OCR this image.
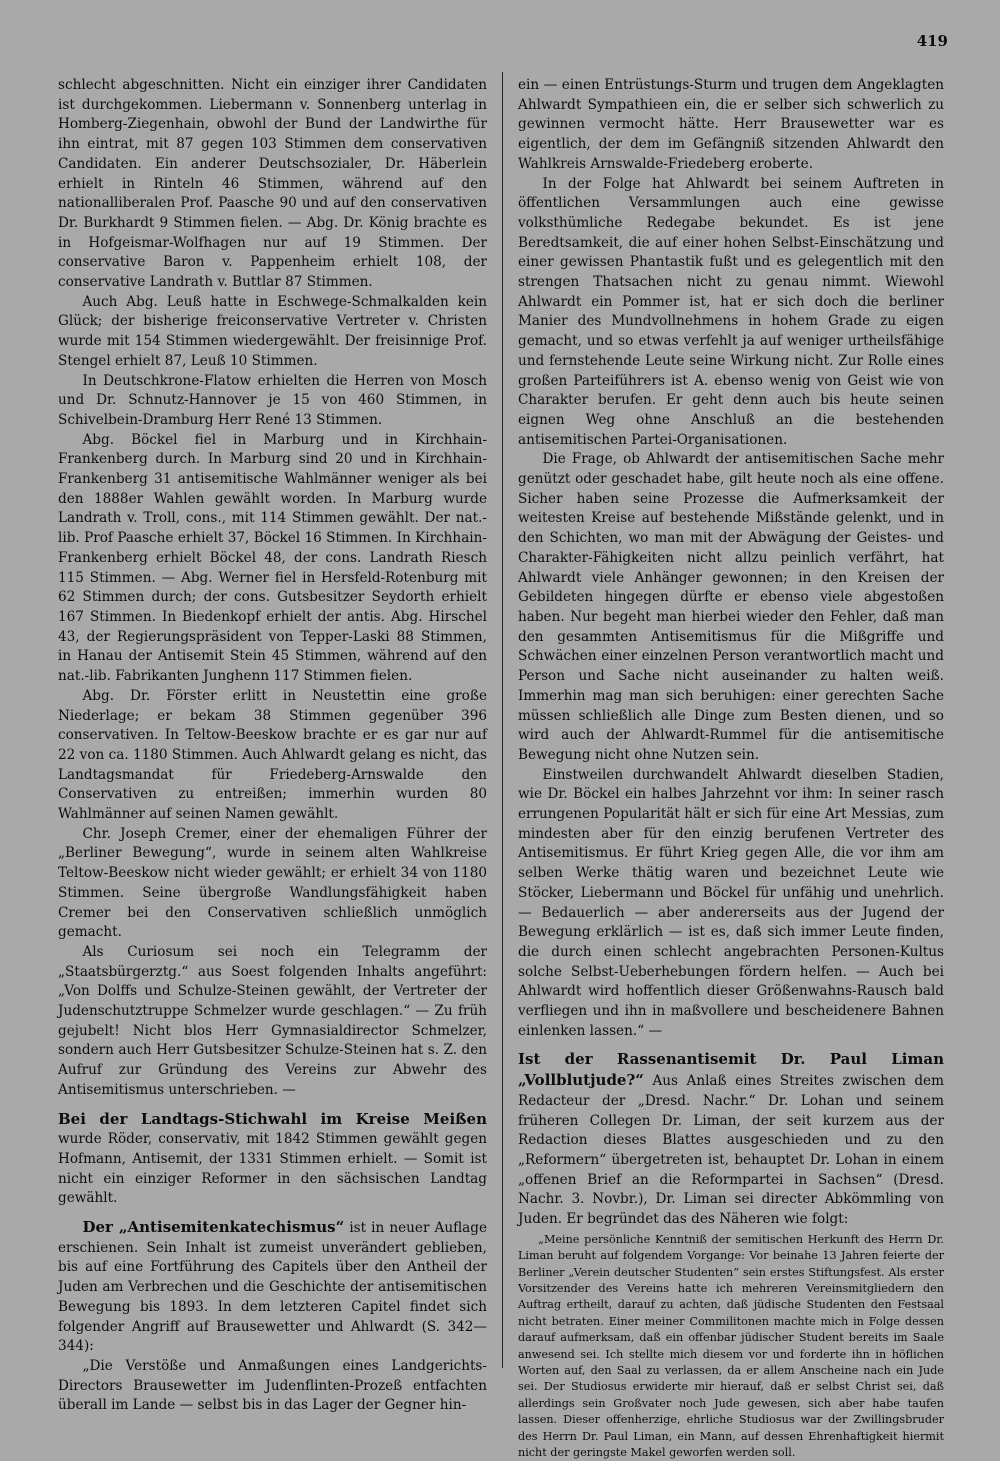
419

schlecht abgeschnitten. Nicht ein einziger ihrer Candidaten ist durchgekommen. Liebermann v. Sonnenberg unterlag in Homberg-Ziegenhain, obwohl der Bund der Landwirthe für ihn eintrat, mit 87 gegen 103 Stimmen dem conservativen Candidaten. Ein anderer Deutschsozialer, Dr. Häberlein erhielt in Rinteln 46 Stimmen, während auf den nationalliberalen Prof. Paasche 90 und auf den conservativen Dr. Burkhardt 9 Stimmen fielen. — Abg. Dr. König brachte es in Hofgeismar-Wolfhagen nur auf 19 Stimmen. Der conservative Baron v. Pappenheim erhielt 108, der conservative Landrath v. Buttlar 87 Stimmen.

Auch Abg. Leuß hatte in Eschwege-Schmalkalden kein Glück; der bisherige freiconservative Vertreter v. Christen wurde mit 154 Stimmen wiedergewählt. Der freisinnige Prof. Stengel erhielt 87, Leuß 10 Stimmen.

In Deutschkrone-Flatow erhielten die Herren von Mosch und Dr. Schnutz-Hannover je 15 von 460 Stimmen, in Schivelbein-Dramburg Herr René 13 Stimmen.

Abg. Böckel fiel in Marburg und in Kirchhain-Frankenberg durch. In Marburg sind 20 und in Kirchhain-Frankenberg 31 antisemitische Wahlmänner weniger als bei den 1888er Wahlen gewählt worden. In Marburg wurde Landrath v. Troll, cons., mit 114 Stimmen gewählt. Der nat.-lib. Prof Paasche erhielt 37, Böckel 16 Stimmen. In Kirchhain-Frankenberg erhielt Böckel 48, der cons. Landrath Riesch 115 Stimmen. — Abg. Werner fiel in Hersfeld-Rotenburg mit 62 Stimmen durch; der cons. Gutsbesitzer Seydorth erhielt 167 Stimmen. In Biedenkopf erhielt der antis. Abg. Hirschel 43, der Regierungspräsident von Tepper-Laski 88 Stimmen, in Hanau der Antisemit Stein 45 Stimmen, während auf den nat.-lib. Fabrikanten Junghenn 117 Stimmen fielen.

Abg. Dr. Förster erlitt in Neustettin eine große Niederlage; er bekam 38 Stimmen gegenüber 396 conservativen. In Teltow-Beeskow brachte er es gar nur auf 22 von ca. 1180 Stimmen. Auch Ahlwardt gelang es nicht, das Landtagsmandat für Friedeberg-Arnswalde den Conservativen zu entreißen; immerhin wurden 80 Wahlmänner auf seinen Namen gewählt.

Chr. Joseph Cremer, einer der ehemaligen Führer der „Berliner Bewegung“, wurde in seinem alten Wahlkreise Teltow-Beeskow nicht wieder gewählt; er erhielt 34 von 1180 Stimmen. Seine übergroße Wandlungsfähigkeit haben Cremer bei den Conservativen schließlich unmöglich gemacht.

Als Curiosum sei noch ein Telegramm der „Staatsbürgerztg.“ aus Soest folgenden Inhalts angeführt: „Von Dolffs und Schulze-Steinen gewählt, der Vertreter der Judenschutztruppe Schmelzer wurde geschlagen.“ — Zu früh gejubelt! Nicht blos Herr Gymnasialdirector Schmelzer, sondern auch Herr Gutsbesitzer Schulze-Steinen hat s. Z. den Aufruf zur Gründung des Vereins zur Abwehr des Antisemitismus unterschrieben. —

Bei der Landtags-Stichwahl im Kreise Meißen wurde Röder, conservativ, mit 1842 Stimmen gewählt gegen Hofmann, Antisemit, der 1331 Stimmen erhielt. — Somit ist nicht ein einziger Reformer in den sächsischen Landtag gewählt.

Der „Antisemitenkatechismus“ ist in neuer Auflage erschienen. Sein Inhalt ist zumeist unverändert geblieben, bis auf eine Fortführung des Capitels über den Antheil der Juden am Verbrechen und die Geschichte der antisemitischen Bewegung bis 1893. In dem letzteren Capitel findet sich folgender Angriff auf Brausewetter und Ahlwardt (S. 342—344):

„Die Verstöße und Anmaßungen eines Landgerichts-Directors Brausewetter im Judenflinten-Prozeß entfachten überall im Lande — selbst bis in das Lager der Gegner hin-

ein — einen Entrüstungs-Sturm und trugen dem Angeklagten Ahlwardt Sympathieen ein, die er selber sich schwerlich zu gewinnen vermocht hätte. Herr Brausewetter war es eigentlich, der dem im Gefängniß sitzenden Ahlwardt den Wahlkreis Arnswalde-Friedeberg eroberte.

In der Folge hat Ahlwardt bei seinem Auftreten in öffentlichen Versammlungen auch eine gewisse volksthümliche Redegabe bekundet. Es ist jene Beredtsamkeit, die auf einer hohen Selbst-Einschätzung und einer gewissen Phantastik fußt und es gelegentlich mit den strengen Thatsachen nicht zu genau nimmt. Wiewohl Ahlwardt ein Pommer ist, hat er sich doch die berliner Manier des Mundvollnehmens in hohem Grade zu eigen gemacht, und so etwas verfehlt ja auf weniger urtheilsfähige und fernstehende Leute seine Wirkung nicht. Zur Rolle eines großen Parteiführers ist A. ebenso wenig von Geist wie von Charakter berufen. Er geht denn auch bis heute seinen eignen Weg ohne Anschluß an die bestehenden antisemitischen Partei-Organisationen.

Die Frage, ob Ahlwardt der antisemitischen Sache mehr genützt oder geschadet habe, gilt heute noch als eine offene. Sicher haben seine Prozesse die Aufmerksamkeit der weitesten Kreise auf bestehende Mißstände gelenkt, und in den Schichten, wo man mit der Abwägung der Geistes- und Charakter-Fähigkeiten nicht allzu peinlich verfährt, hat Ahlwardt viele Anhänger gewonnen; in den Kreisen der Gebildeten hingegen dürfte er ebenso viele abgestoßen haben. Nur begeht man hierbei wieder den Fehler, daß man den gesammten Antisemitismus für die Mißgriffe und Schwächen einer einzelnen Person verantwortlich macht und Person und Sache nicht auseinander zu halten weiß. Immerhin mag man sich beruhigen: einer gerechten Sache müssen schließlich alle Dinge zum Besten dienen, und so wird auch der Ahlwardt-Rummel für die antisemitische Bewegung nicht ohne Nutzen sein.

Einstweilen durchwandelt Ahlwardt dieselben Stadien, wie Dr. Böckel ein halbes Jahrzehnt vor ihm: In seiner rasch errungenen Popularität hält er sich für eine Art Messias, zum mindesten aber für den einzig berufenen Vertreter des Antisemitismus. Er führt Krieg gegen Alle, die vor ihm am selben Werke thätig waren und bezeichnet Leute wie Stöcker, Liebermann und Böckel für unfähig und unehrlich. — Bedauerlich — aber andererseits aus der Jugend der Bewegung erklärlich — ist es, daß sich immer Leute finden, die durch einen schlecht angebrachten Personen-Kultus solche Selbst-Ueberhebungen fördern helfen. — Auch bei Ahlwardt wird hoffentlich dieser Größenwahns-Rausch bald verfliegen und ihn in maßvollere und bescheidenere Bahnen einlenken lassen.“ —

Ist der Rassenantisemit Dr. Paul Liman „Vollblutjude?“ Aus Anlaß eines Streites zwischen dem Redacteur der „Dresd. Nachr.“ Dr. Lohan und seinem früheren Collegen Dr. Liman, der seit kurzem aus der Redaction dieses Blattes ausgeschieden und zu den „Reformern“ übergetreten ist, behauptet Dr. Lohan in einem „offenen Brief an die Reformpartei in Sachsen“ (Dresd. Nachr. 3. Novbr.), Dr. Liman sei directer Abkömmling von Juden. Er begründet das des Näheren wie folgt:

„Meine persönliche Kenntniß der semitischen Herkunft des Herrn Dr. Liman beruht auf folgendem Vorgange: Vor beinahe 13 Jahren feierte der Berliner „Verein deutscher Studenten“ sein erstes Stiftungsfest. Als erster Vorsitzender des Vereins hatte ich mehreren Vereinsmitgliedern den Auftrag ertheilt, darauf zu achten, daß jüdische Studenten den Festsaal nicht betraten. Einer meiner Commilitonen machte mich in Folge dessen darauf aufmerksam, daß ein offenbar jüdischer Student bereits im Saale anwesend sei. Ich stellte mich diesem vor und forderte ihn in höflichen Worten auf, den Saal zu verlassen, da er allem Anscheine nach ein Jude sei. Der Studiosus erwiderte mir hierauf, daß er selbst Christ sei, daß allerdings sein Großvater noch Jude gewesen, sich aber habe taufen lassen. Dieser offenherzige, ehrliche Studiosus war der Zwillingsbruder des Herrn Dr. Paul Liman, ein Mann, auf dessen Ehrenhaftigkeit hiermit nicht der geringste Makel geworfen werden soll.
